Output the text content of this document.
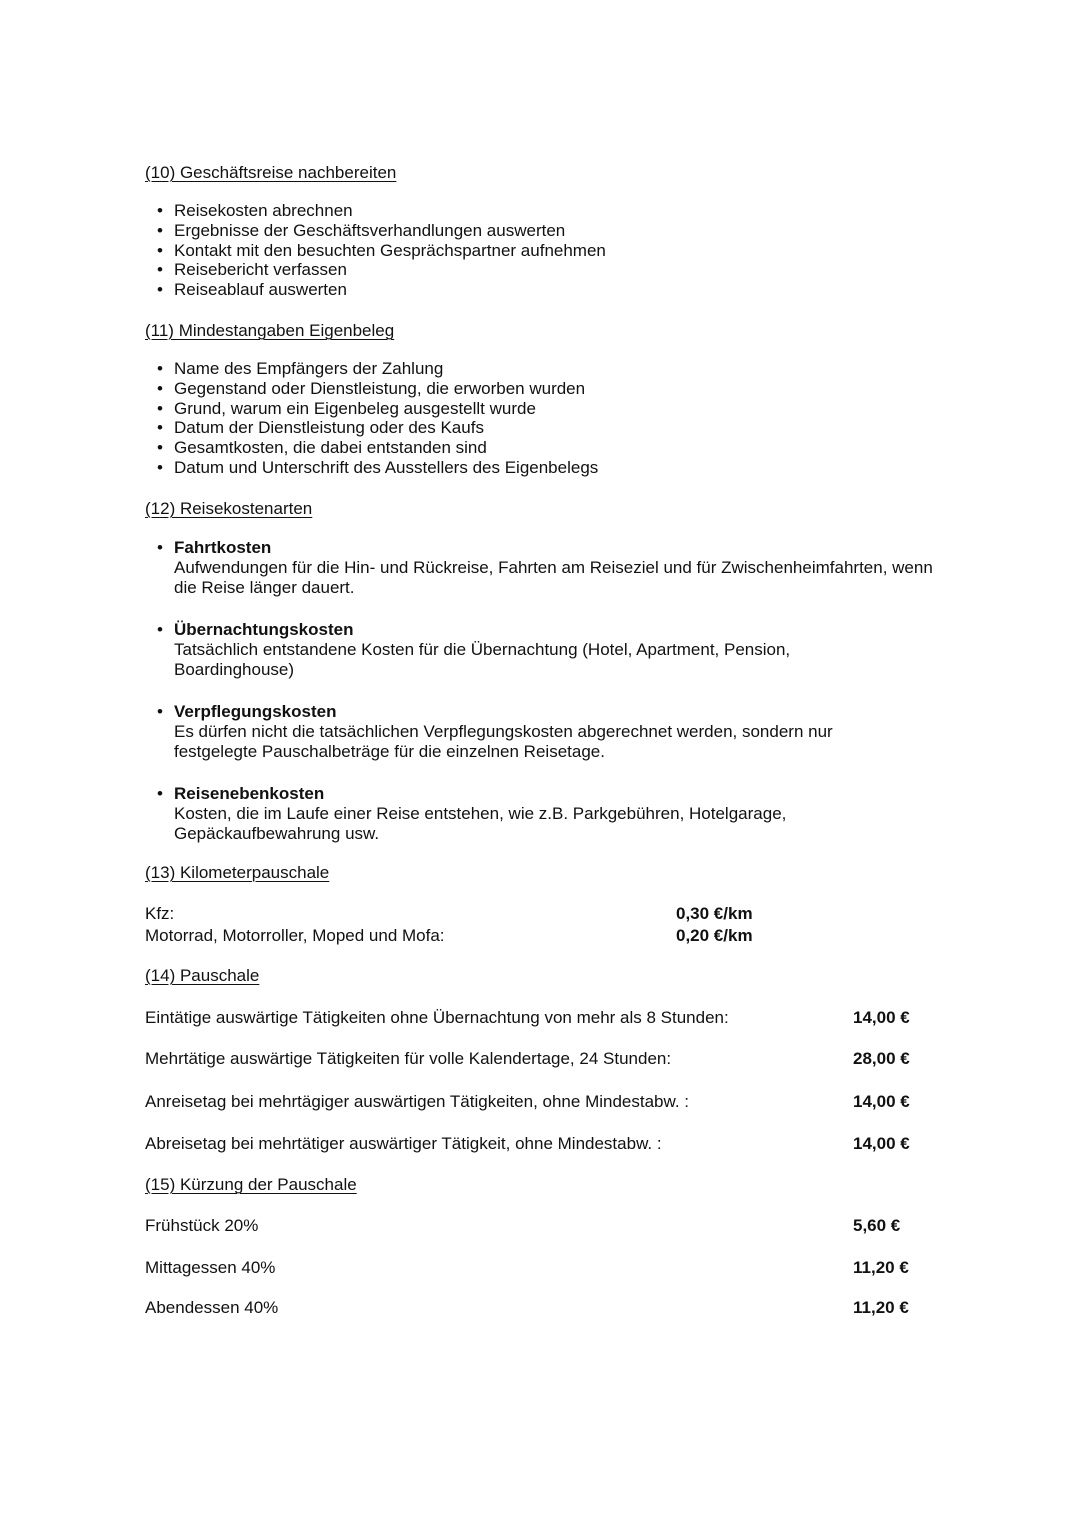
(10) Geschäftsreise nachbereiten

• Reisekosten abrechnen
• Ergebnisse der Geschäftsverhandlungen auswerten
• Kontakt mit den besuchten Gesprächspartner aufnehmen
• Reisebericht verfassen
• Reiseablauf auswerten

(11) Mindestangaben Eigenbeleg

• Name des Empfängers der Zahlung
• Gegenstand oder Dienstleistung, die erworben wurden
• Grund, warum ein Eigenbeleg ausgestellt wurde
• Datum der Dienstleistung oder des Kaufs
• Gesamtkosten, die dabei entstanden sind
• Datum und Unterschrift des Ausstellers des Eigenbelegs

(12) Reisekostenarten

• Fahrtkosten
Aufwendungen für die Hin- und Rückreise, Fahrten am Reiseziel und für Zwischenheimfahrten, wenn die Reise länger dauert.
• Übernachtungskosten
Tatsächlich entstandene Kosten für die Übernachtung (Hotel, Apartment, Pension, Boardinghouse)
• Verpflegungskosten
Es dürfen nicht die tatsächlichen Verpflegungskosten abgerechnet werden, sondern nur festgelegte Pauschalbeträge für die einzelnen Reisetage.
• Reisenebenkosten
Kosten, die im Laufe einer Reise entstehen, wie z.B. Parkgebühren, Hotelgarage, Gepäckaufbewahrung usw.

(13) Kilometerpauschale

Kfz:	0,30 €/km
Motorrad, Motorroller, Moped und Mofa:	0,20 €/km

(14) Pauschale

Eintätige auswärtige Tätigkeiten ohne Übernachtung von mehr als 8 Stunden:	14,00 €
Mehrtätige auswärtige Tätigkeiten für volle Kalendertage, 24 Stunden:	28,00 €
Anreisetag bei mehrtägiger auswärtigen Tätigkeiten, ohne Mindestabw. :	14,00 €
Abreisetag bei mehrtätiger auswärtiger Tätigkeit, ohne Mindestabw. :	14,00 €

(15) Kürzung der Pauschale

Frühstück 20%	5,60 €
Mittagessen 40%	11,20 €
Abendessen 40%	11,20 €
